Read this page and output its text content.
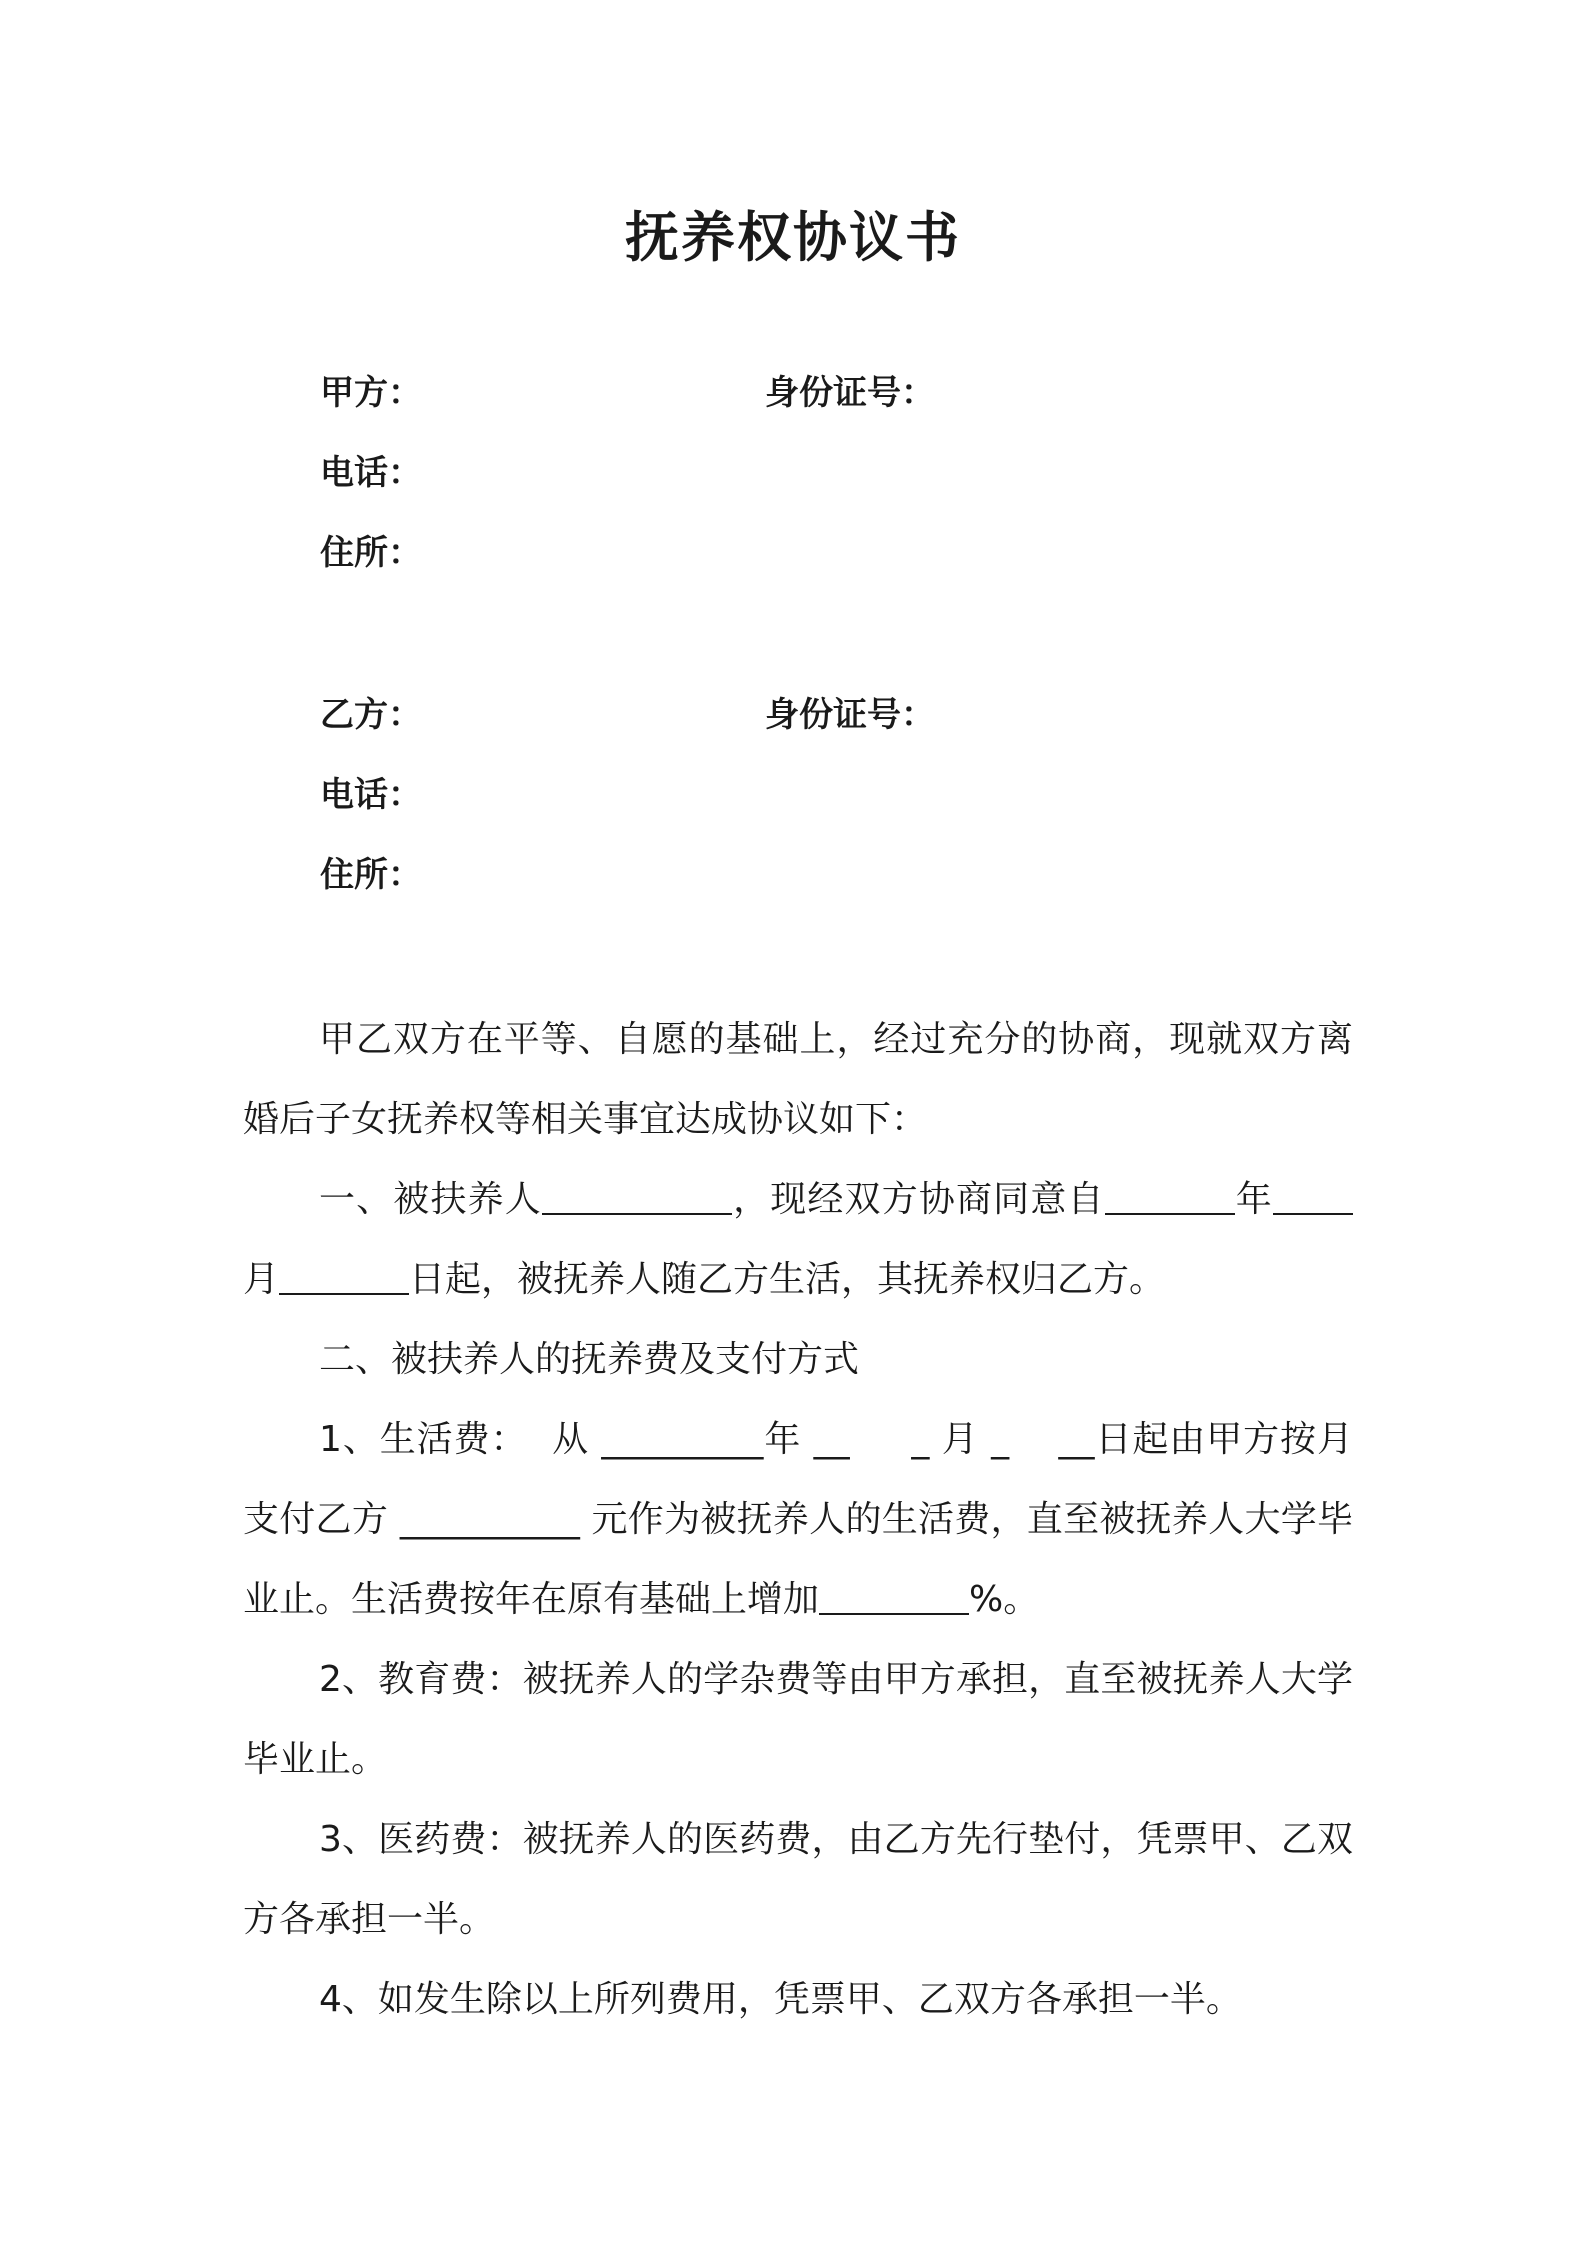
抚养权协议书
甲方：	身份证号：
电话：
住所：
乙方：	身份证号：
电话：
住所：

甲乙双方在平等、自愿的基础上，经过充分的协商，现就双方离婚后子女抚养权等相关事宜达成协议如下：

一、被扶养人	，现经双方协商同意自	年月	日起，被抚养人随乙方生活，其抚养权归乙方。

二、被扶养人的抚养费及支付方式

1、生活费：  从 _________年 __     _ 月 _    __日起由甲方按月支付乙方 __________ 元作为被抚养人的生活费，直至被抚养人大学毕业止。生活费按年在原有基础上增加	%。

2、教育费：被抚养人的学杂费等由甲方承担，直至被抚养人大学毕业止。

3、医药费：被抚养人的医药费，由乙方先行垫付，凭票甲、乙双方各承担一半。

4、如发生除以上所列费用，凭票甲、乙双方各承担一半。
